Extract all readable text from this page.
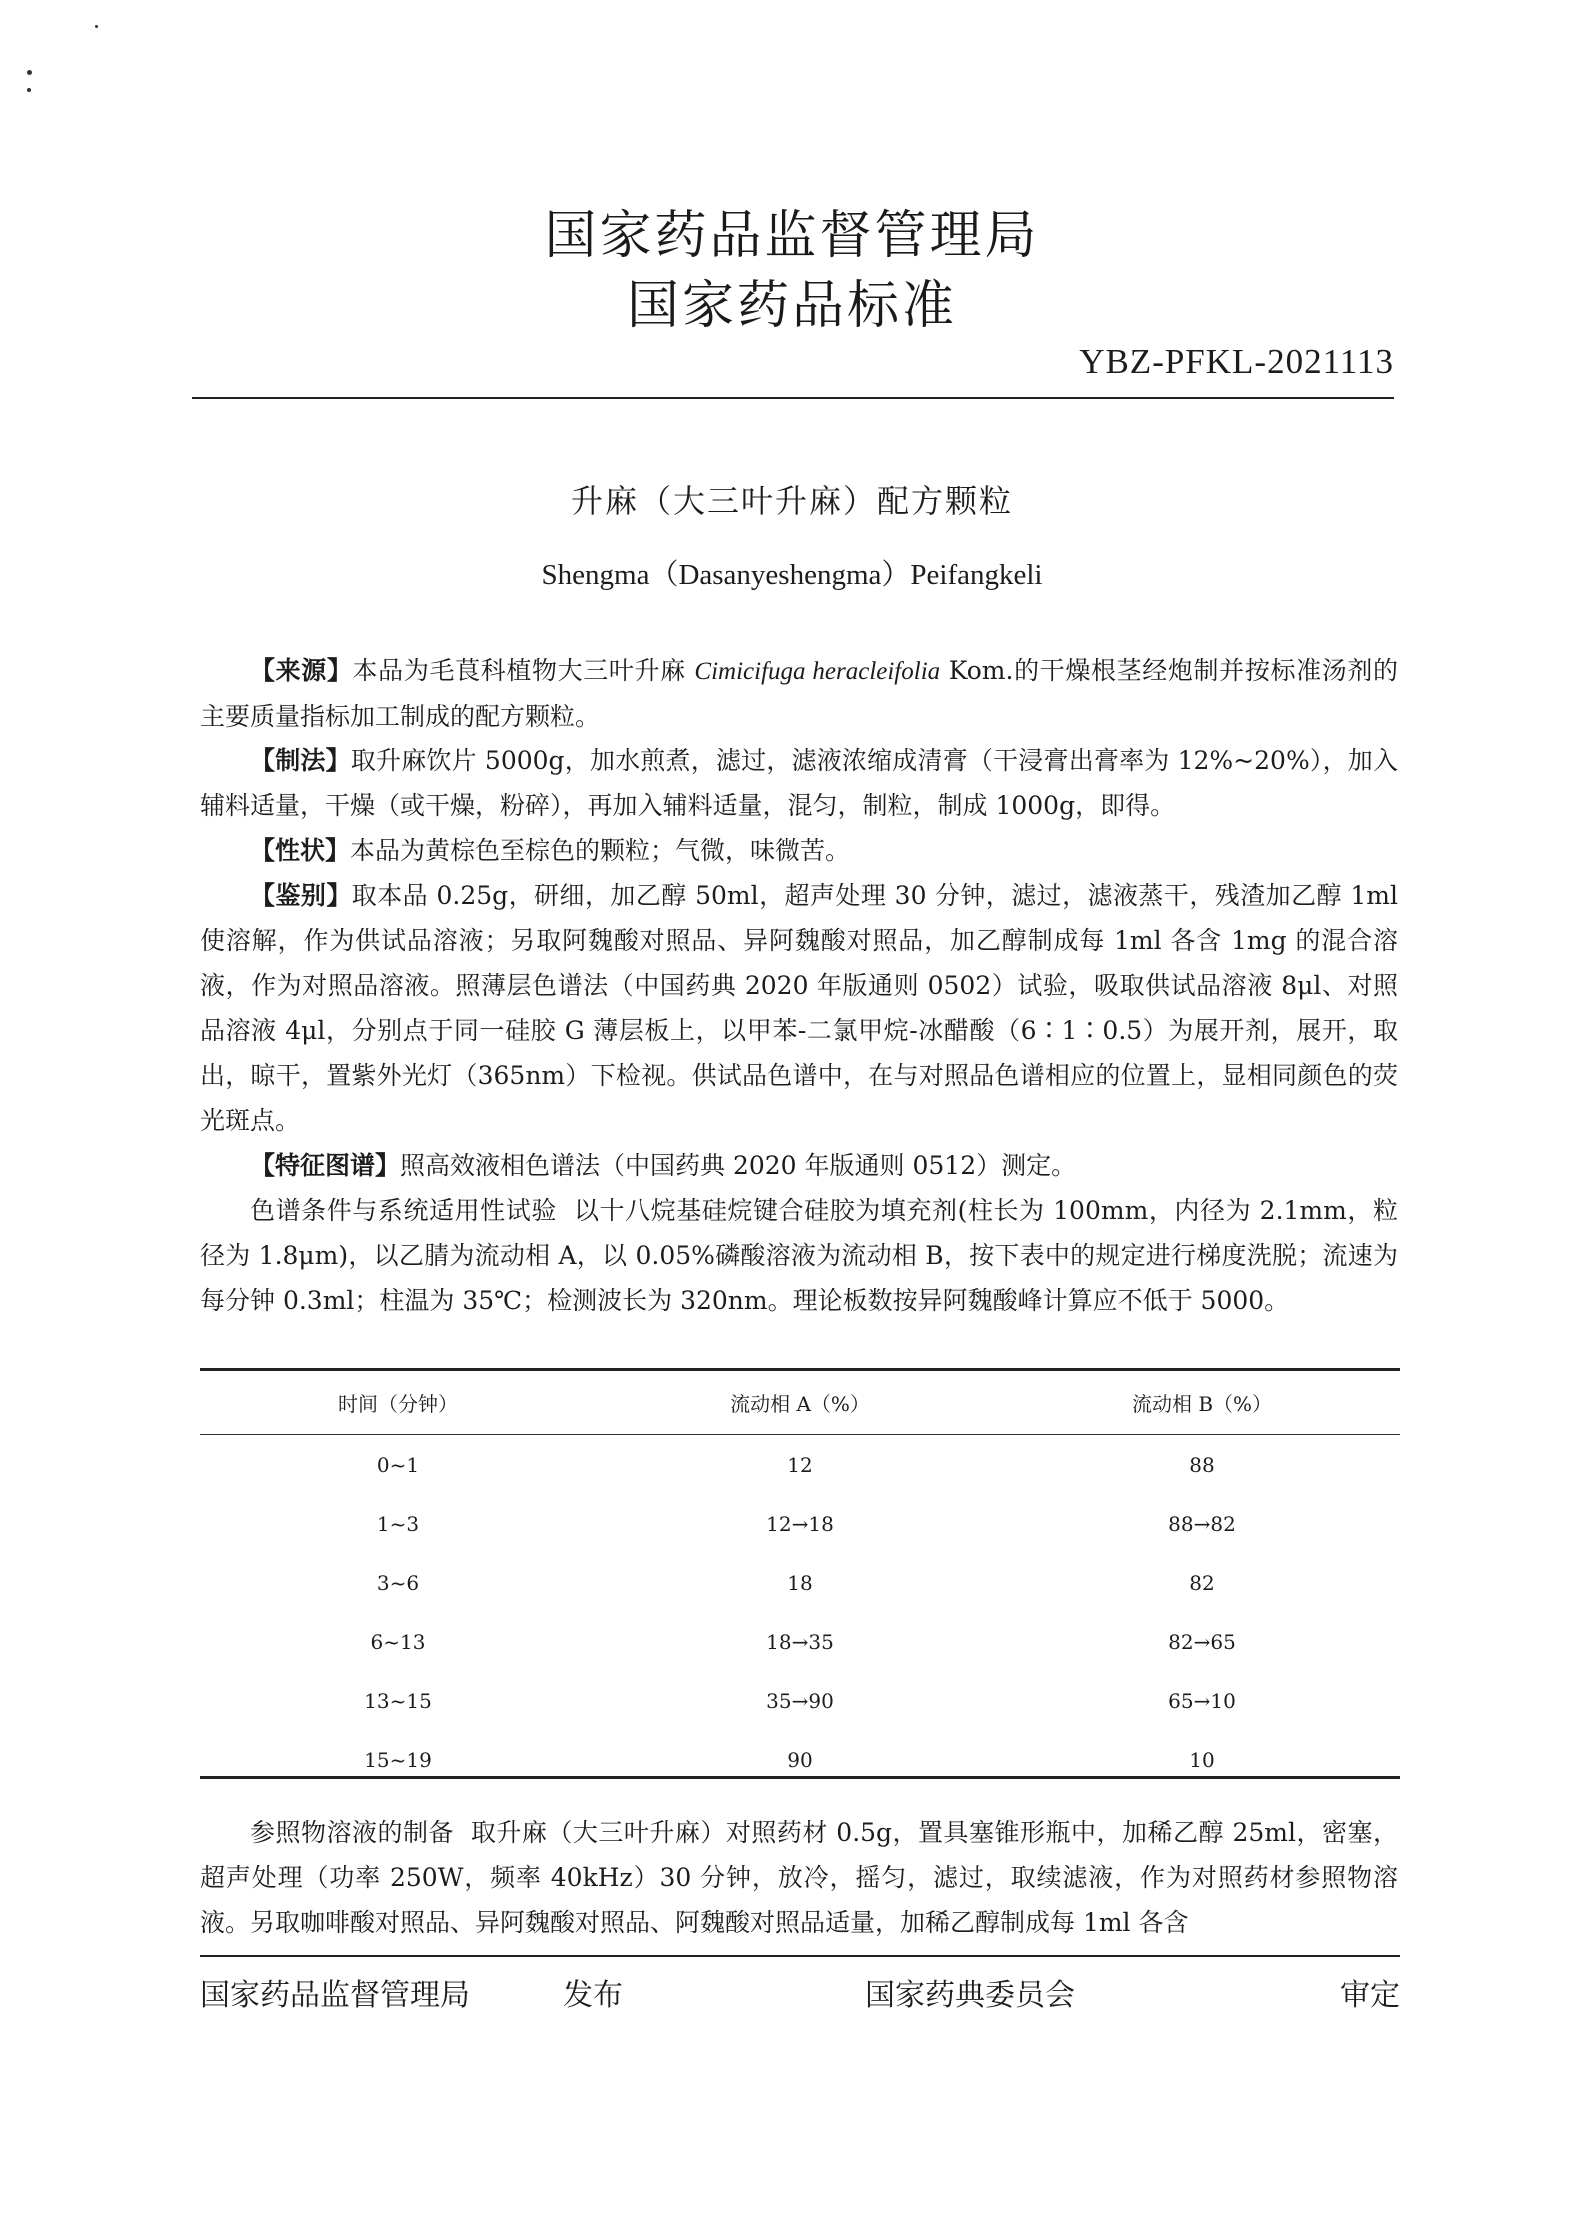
国家药品监督管理局
国家药品标准
YBZ-PFKL-2021113
升麻（大三叶升麻）配方颗粒
Shengma（Dasanyeshengma）Peifangkeli
【来源】本品为毛茛科植物大三叶升麻 Cimicifuga heracleifolia Kom.的干燥根茎经炮制并按标准汤剂的主要质量指标加工制成的配方颗粒。
【制法】取升麻饮片 5000g，加水煎煮，滤过，滤液浓缩成清膏（干浸膏出膏率为 12%~20%），加入辅料适量，干燥（或干燥，粉碎），再加入辅料适量，混匀，制粒，制成 1000g，即得。
【性状】本品为黄棕色至棕色的颗粒；气微，味微苦。
【鉴别】取本品 0.25g，研细，加乙醇 50ml，超声处理 30 分钟，滤过，滤液蒸干，残渣加乙醇 1ml 使溶解，作为供试品溶液；另取阿魏酸对照品、异阿魏酸对照品，加乙醇制成每 1ml 各含 1mg 的混合溶液，作为对照品溶液。照薄层色谱法（中国药典 2020 年版通则 0502）试验，吸取供试品溶液 8μl、对照品溶液 4μl，分别点于同一硅胶 G 薄层板上，以甲苯-二氯甲烷-冰醋酸（6∶1∶0.5）为展开剂，展开，取出，晾干，置紫外光灯（365nm）下检视。供试品色谱中，在与对照品色谱相应的位置上，显相同颜色的荧光斑点。
【特征图谱】照高效液相色谱法（中国药典 2020 年版通则 0512）测定。
色谱条件与系统适用性试验 以十八烷基硅烷键合硅胶为填充剂(柱长为 100mm，内径为 2.1mm，粒径为 1.8μm)，以乙腈为流动相 A，以 0.05%磷酸溶液为流动相 B，按下表中的规定进行梯度洗脱；流速为每分钟 0.3ml；柱温为 35℃；检测波长为 320nm。理论板数按异阿魏酸峰计算应不低于 5000。
时间（分钟）	流动相 A（%）	流动相 B（%）
0~1	12	88
1~3	12→18	88→82
3~6	18	82
6~13	18→35	82→65
13~15	35→90	65→10
15~19	90	10
参照物溶液的制备 取升麻（大三叶升麻）对照药材 0.5g，置具塞锥形瓶中，加稀乙醇 25ml，密塞，超声处理（功率 250W，频率 40kHz）30 分钟，放冷，摇匀，滤过，取续滤液，作为对照药材参照物溶液。另取咖啡酸对照品、异阿魏酸对照品、阿魏酸对照品适量，加稀乙醇制成每 1ml 各含
国家药品监督管理局	发布	国家药典委员会	审定
